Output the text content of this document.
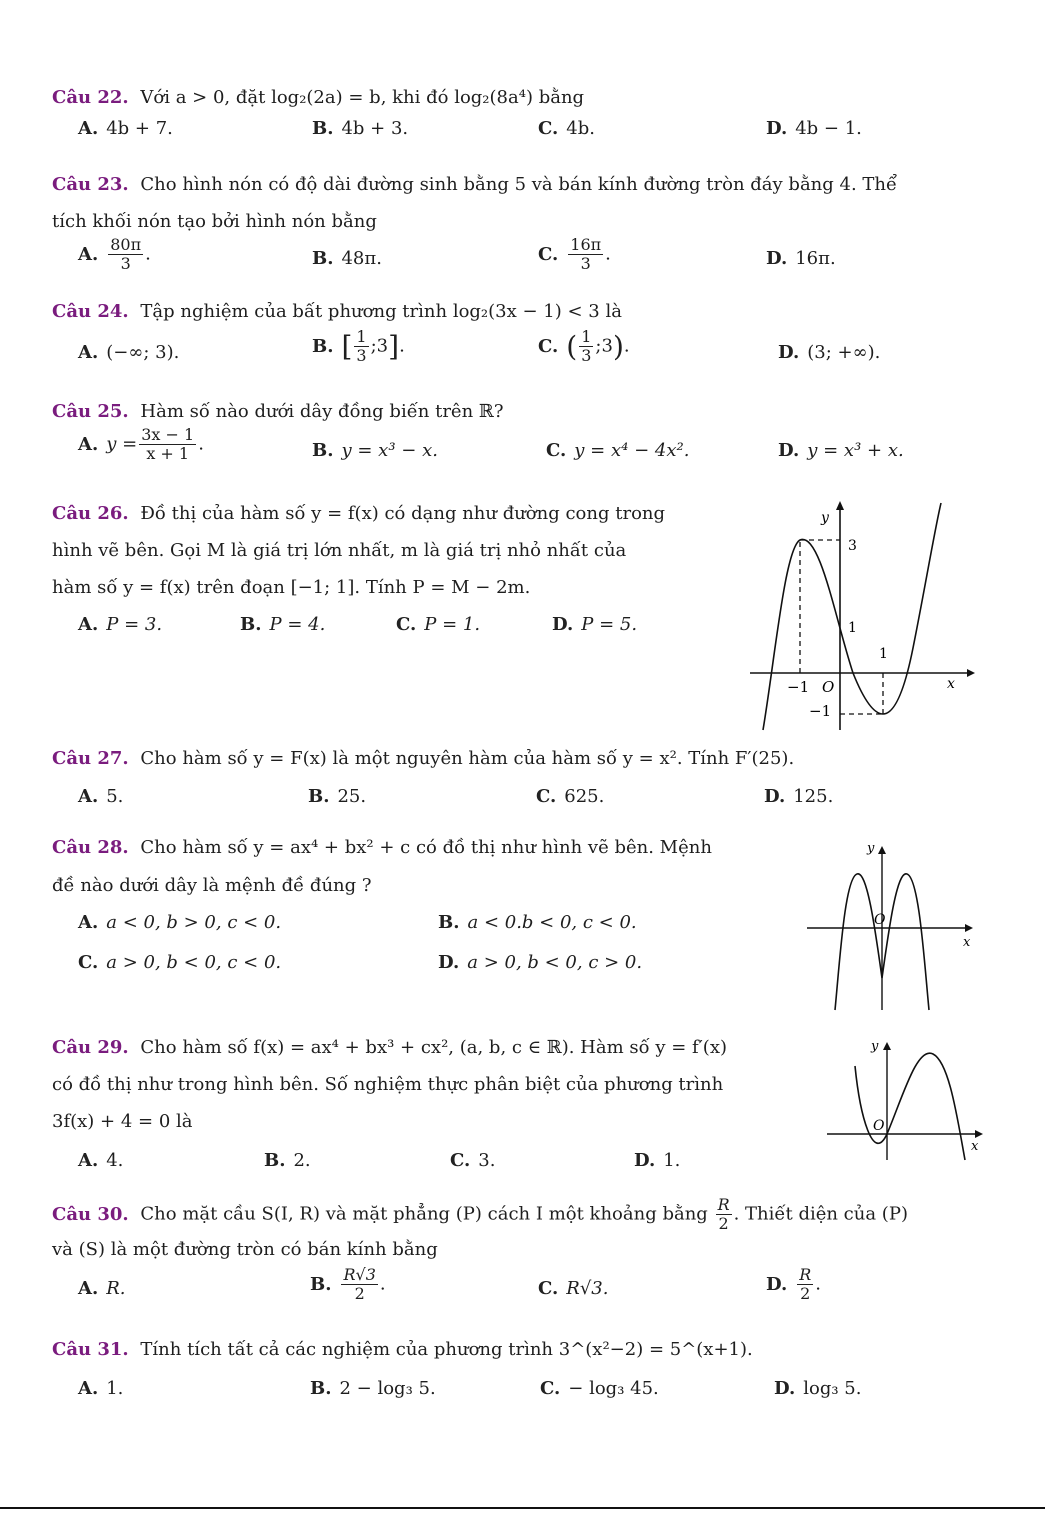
Câu 22. Với a > 0, đặt log₂(2a) = b, khi đó log₂(8a⁴) bằng
A. 4b + 7.	B. 4b + 3.	C. 4b.	D. 4b − 1.
Câu 23. Cho hình nón có độ dài đường sinh bằng 5 và bán kính đường tròn đáy bằng 4. Thể

tích khối nón tạo bởi hình nón bằng
A. $\frac{80\pi}{3}$ .	B. 48π.	C. $\frac{16\pi}{3}$ .	D. 16π.
Câu 24. Tập nghiệm của bất phương trình log₂(3x − 1) < 3 là
A. (−∞; 3).	B. [ $\frac{1}{3}$ ;3].	C. ( $\frac{1}{3}$ ;3).	D. (3; +∞).
Câu 25. Hàm số nào dưới dây đồng biến trên ℝ?
A. $y = \frac{3x - 1}{x + 1}$ .	B. y = x³ − x.	C. y = x⁴ − 4x².	D. y = x³ + x.
Câu 26. Đồ thị của hàm số y = f(x) có dạng như đường cong trong
hình vẽ bên. Gọi M là giá trị lớn nhất, m là giá trị nhỏ nhất của
hàm số y = f(x) trên đoạn [−1; 1]. Tính P = M − 2m.
A. P = 3.	B. P = 4.	C. P = 1.	D. P = 5.
y
3
1
1
−1 O
−1
x
Câu 27. Cho hàm số y = F(x) là một nguyên hàm của hàm số y = x². Tính F′(25).
A. 5.	B. 25.	C. 625.	D. 125.
Câu 28. Cho hàm số y = ax⁴ + bx² + c có đồ thị như hình vẽ bên. Mệnh
đề nào dưới dây là mệnh đề đúng ?
A. a < 0, b > 0, c < 0.	B. a < 0.b < 0, c < 0.
C. a > 0, b < 0, c < 0.	D. a > 0, b < 0, c > 0.
y
O
x
Câu 29. Cho hàm số f(x) = ax⁴ + bx³ + cx², (a, b, c ∈ ℝ). Hàm số y = f′(x)
có đồ thị như trong hình bên. Số nghiệm thực phân biệt của phương trình
3f(x) + 4 = 0 là
A. 4.	B. 2.	C. 3.	D. 1.
y
O
x
Câu 30. Cho mặt cầu S(I, R) và mặt phẳng (P) cách I một khoảng bằng $\frac{R}{2}$ . Thiết diện của (P)
và (S) là một đường tròn có bán kính bằng
A. R.	B. $\frac{R√3}{2}$ .	C. R√3.	D. $\frac{R}{2}$ .
Câu 31. Tính tích tất cả các nghiệm của phương trình 3^(x²−2) = 5^(x+1).
A. 1.	B. 2 − log₃ 5.	C. − log₃ 45.	D. log₃ 5.
